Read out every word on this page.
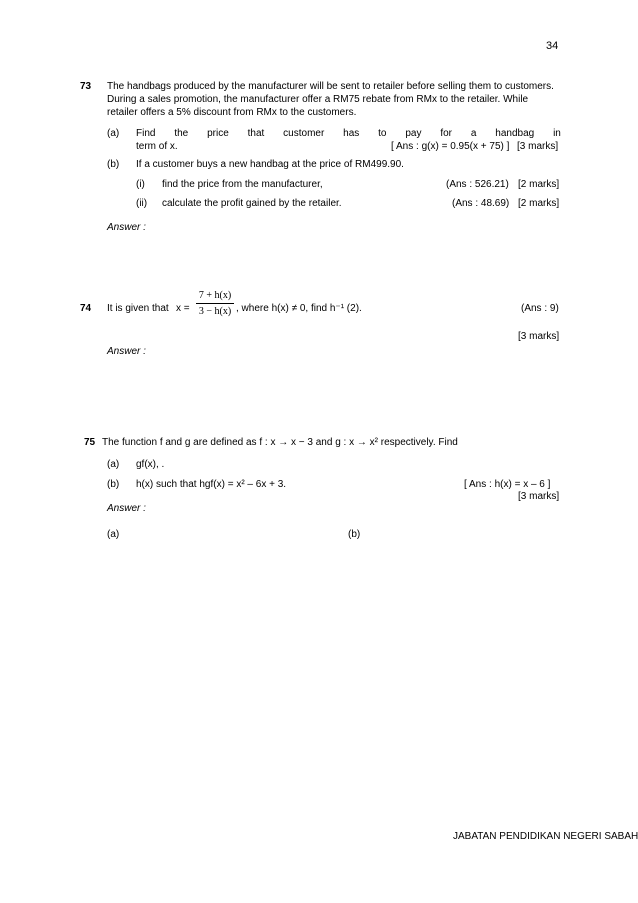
34
73 The handbags produced by the manufacturer will be sent to retailer before selling them to customers.
During a sales promotion, the manufacturer offer a RM75 rebate from RMx to the retailer. While
retailer offers a 5% discount from RMx to the customers.
(a) Find the price that customer has to pay for a handbag in
term of x.	[ Ans : g(x) = 0.95(x + 75) ] [3 marks]
(b) If a customer buys a new handbag at the price of RM499.90.
(i) find the price from the manufacturer,	(Ans : 526.21) [2 marks]
(ii) calculate the profit gained by the retailer.	(Ans : 48.69) [2 marks]
Answer :
74 It is given that x =
7 + h(x)
3 − h(x) , where h(x) ≠ 0, find h⁻¹ (2).	(Ans : 9)
[3 marks]
Answer :
75 The function f and g are defined as f : x → x − 3 and g : x → x² respectively. Find
(a) gf(x), .
(b) h(x) such that hgf(x) = x² – 6x + 3.	[ Ans : h(x) = x – 6 ]
[3 marks]
Answer :
(a)	(b)
JABATAN PENDIDIKAN NEGERI SABAH
